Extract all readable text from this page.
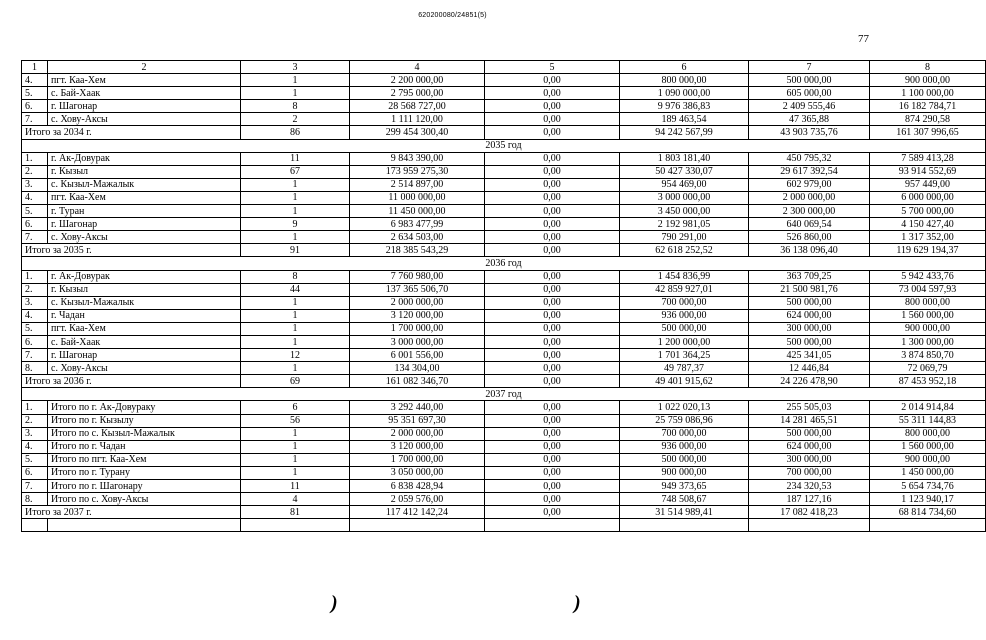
620200080/24851(5)
77
1	2	3	4	5	6	7	8
4.	пгт. Каа-Хем	1	2 200 000,00	0,00	800 000,00	500 000,00	900 000,00
5.	с. Бай-Хаак	1	2 795 000,00	0,00	1 090 000,00	605 000,00	1 100 000,00
6.	г. Шагонар	8	28 568 727,00	0,00	9 976 386,83	2 409 555,46	16 182 784,71
7.	с. Хову-Аксы	2	1 111 120,00	0,00	189 463,54	47 365,88	874 290,58
Итого за 2034 г.		86	299 454 300,40	0,00	94 242 567,99	43 903 735,76	161 307 996,65
2035 год							
1.	г. Ак-Довурак	11	9 843 390,00	0,00	1 803 181,40	450 795,32	7 589 413,28
2.	г. Кызыл	67	173 959 275,30	0,00	50 427 330,07	29 617 392,54	93 914 552,69
3.	с. Кызыл-Мажалык	1	2 514 897,00	0,00	954 469,00	602 979,00	957 449,00
4.	пгт. Каа-Хем	1	11 000 000,00	0,00	3 000 000,00	2 000 000,00	6 000 000,00
5.	г. Туран	1	11 450 000,00	0,00	3 450 000,00	2 300 000,00	5 700 000,00
6.	г. Шагонар	9	6 983 477,99	0,00	2 192 981,05	640 069,54	4 150 427,40
7.	с. Хову-Аксы	1	2 634 503,00	0,00	790 291,00	526 860,00	1 317 352,00
Итого за 2035 г.		91	218 385 543,29	0,00	62 618 252,52	36 138 096,40	119 629 194,37
2036 год							
1.	г. Ак-Довурак	8	7 760 980,00	0,00	1 454 836,99	363 709,25	5 942 433,76
2.	г. Кызыл	44	137 365 506,70	0,00	42 859 927,01	21 500 981,76	73 004 597,93
3.	с. Кызыл-Мажалык	1	2 000 000,00	0,00	700 000,00	500 000,00	800 000,00
4.	г. Чадан	1	3 120 000,00	0,00	936 000,00	624 000,00	1 560 000,00
5.	пгт. Каа-Хем	1	1 700 000,00	0,00	500 000,00	300 000,00	900 000,00
6.	с. Бай-Хаак	1	3 000 000,00	0,00	1 200 000,00	500 000,00	1 300 000,00
7.	г. Шагонар	12	6 001 556,00	0,00	1 701 364,25	425 341,05	3 874 850,70
8.	с. Хову-Аксы	1	134 304,00	0,00	49 787,37	12 446,84	72 069,79
Итого за 2036 г.		69	161 082 346,70	0,00	49 401 915,62	24 226 478,90	87 453 952,18
2037 год							
1.	Итого по г. Ак-Довураку	6	3 292 440,00	0,00	1 022 020,13	255 505,03	2 014 914,84
2.	Итого по г. Кызылу	56	95 351 697,30	0,00	25 759 086,96	14 281 465,51	55 311 144,83
3.	Итого по с. Кызыл-Мажалык	1	2 000 000,00	0,00	700 000,00	500 000,00	800 000,00
4.	Итого по г. Чадан	1	3 120 000,00	0,00	936 000,00	624 000,00	1 560 000,00
5.	Итого по пгт. Каа-Хем	1	1 700 000,00	0,00	500 000,00	300 000,00	900 000,00
6.	Итого по г. Турану	1	3 050 000,00	0,00	900 000,00	700 000,00	1 450 000,00
7.	Итого по г. Шагонару	11	6 838 428,94	0,00	949 373,65	234 320,53	5 654 734,76
8.	Итого по с. Хову-Аксы	4	2 059 576,00	0,00	748 508,67	187 127,16	1 123 940,17
Итого за 2037 г.		81	117 412 142,24	0,00	31 514 989,41	17 082 418,23	68 814 734,60

)	)
